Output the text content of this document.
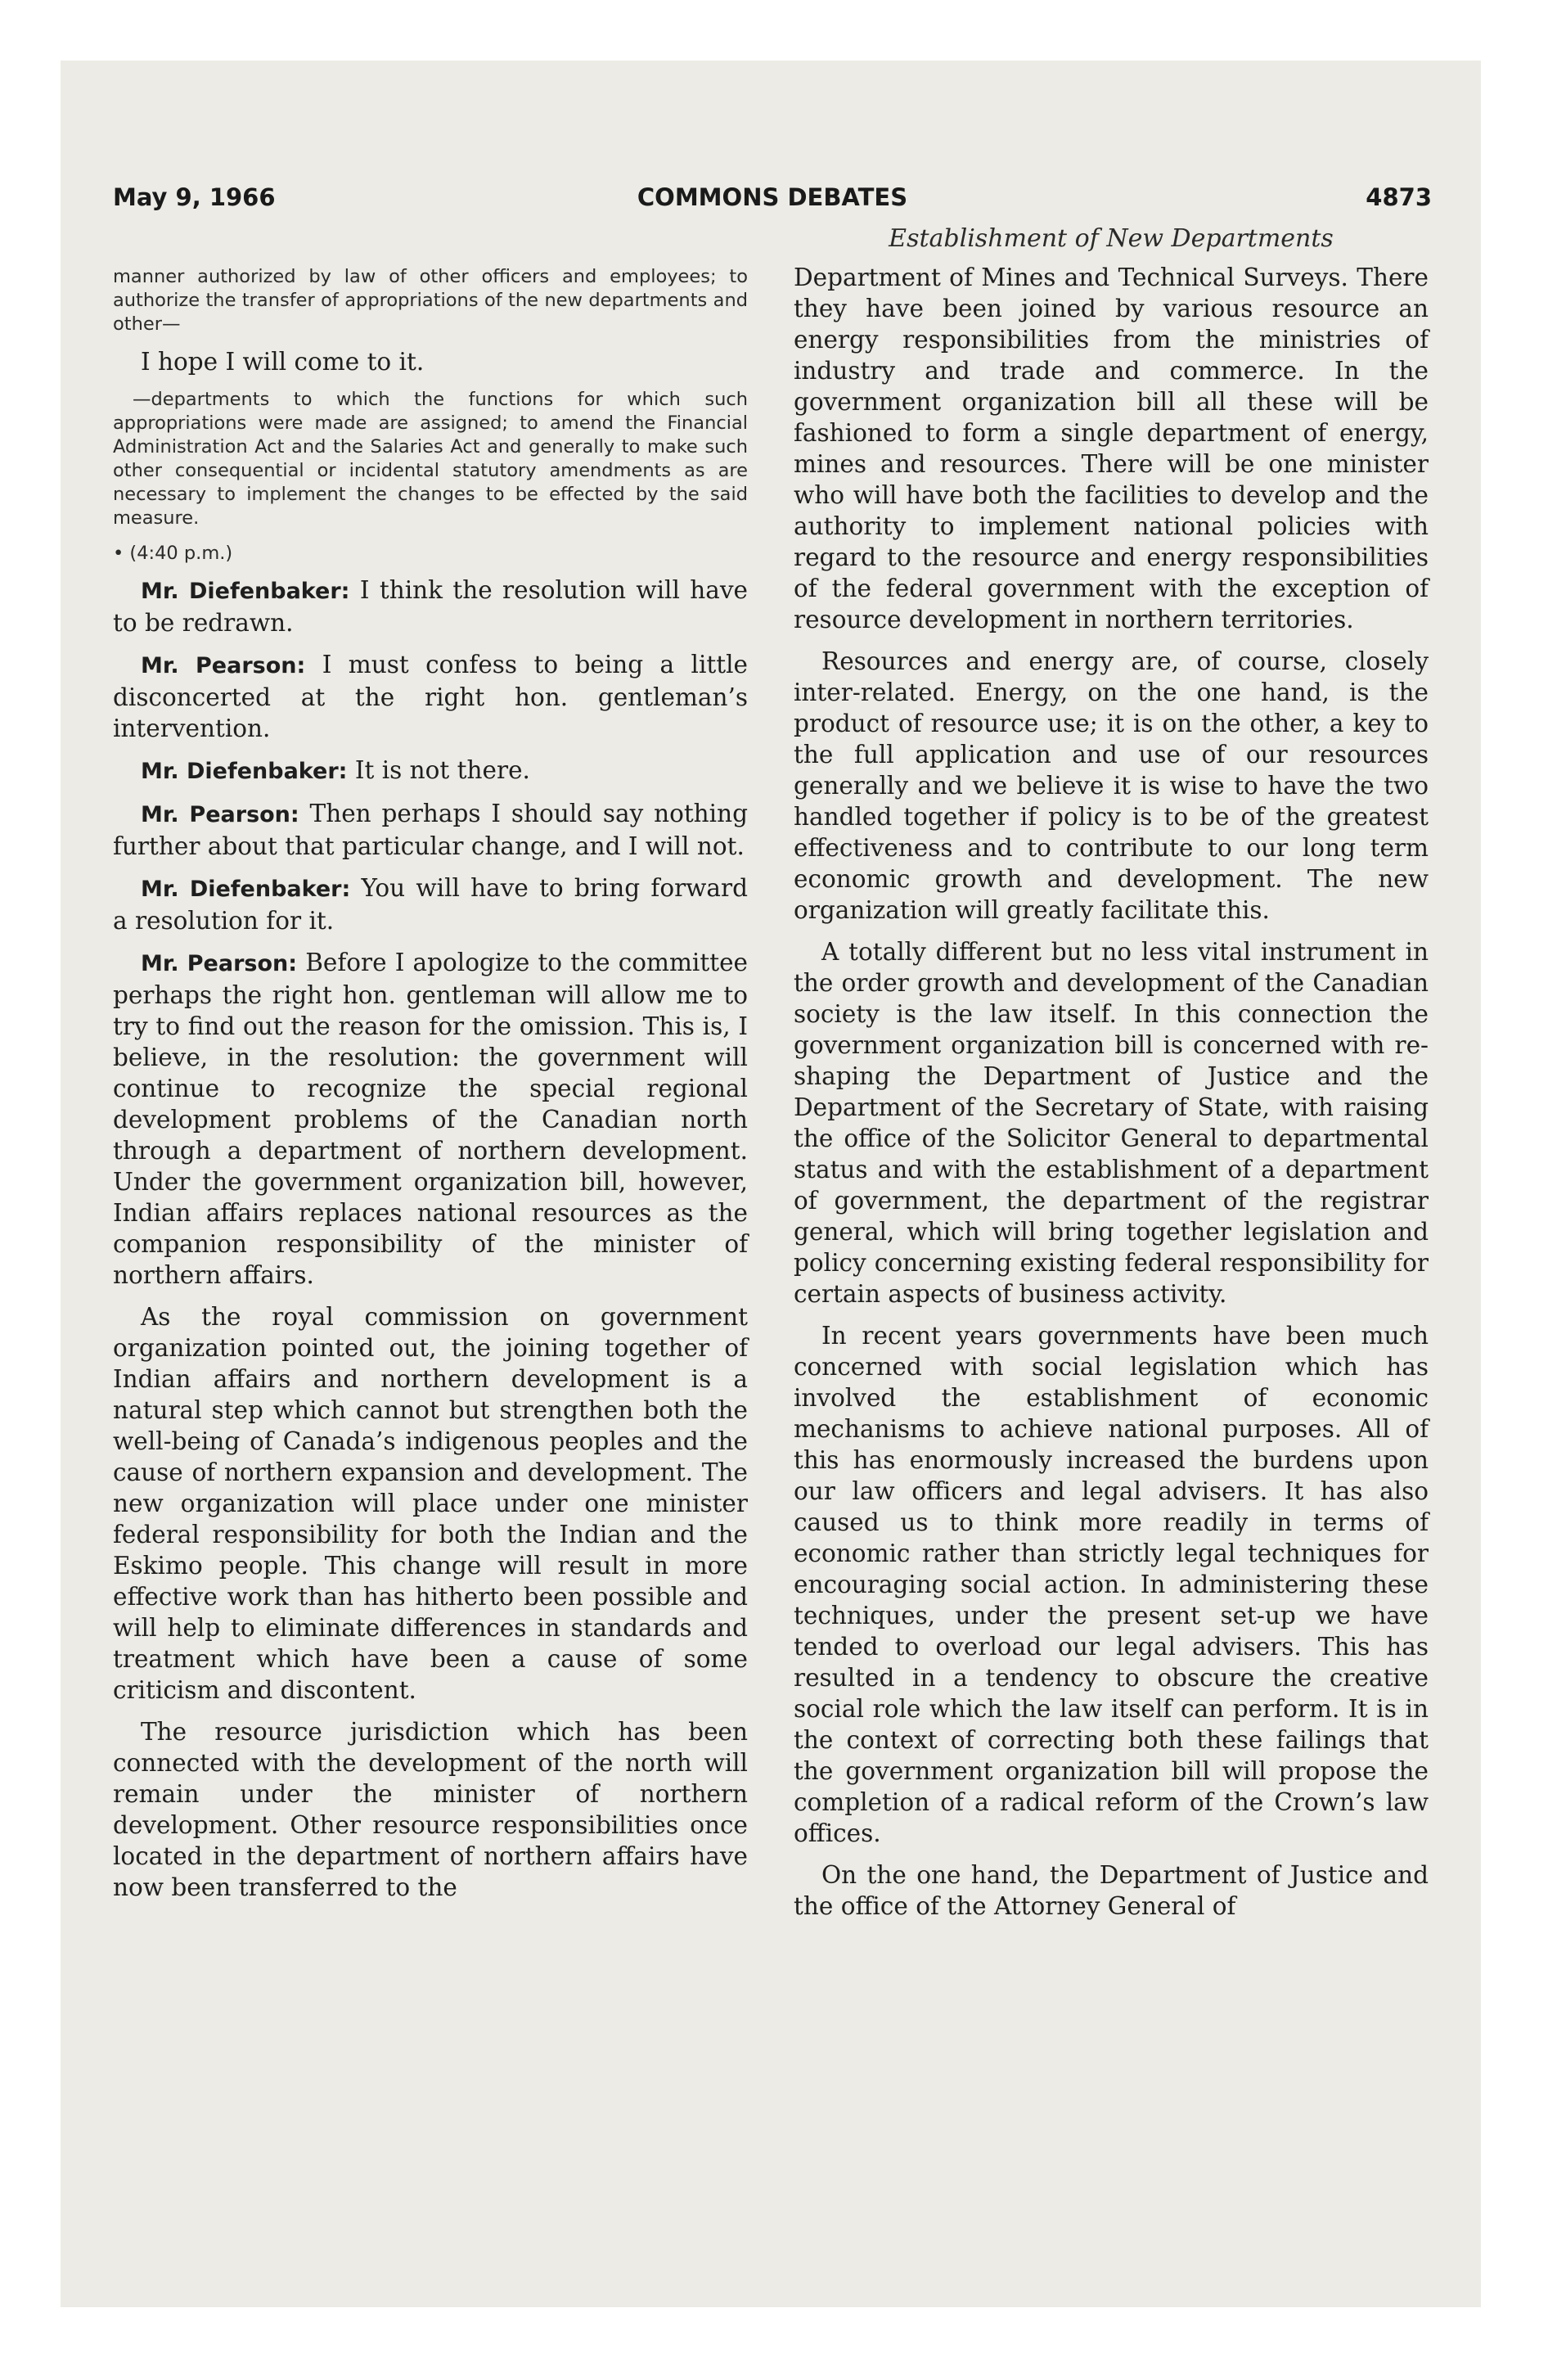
May 9, 1966	COMMONS DEBATES	4873
Establishment of New Departments

manner authorized by law of other officers and employees; to authorize the transfer of appropriations of the new departments and other—

I hope I will come to it.

—departments to which the functions for which such appropriations were made are assigned; to amend the Financial Administration Act and the Salaries Act and generally to make such other consequential or incidental statutory amendments as are necessary to implement the changes to be effected by the said measure.

• (4:40 p.m.)

Mr. Diefenbaker: I think the resolution will have to be redrawn.

Mr. Pearson: I must confess to being a little disconcerted at the right hon. gentleman’s intervention.

Mr. Diefenbaker: It is not there.

Mr. Pearson: Then perhaps I should say nothing further about that particular change, and I will not.

Mr. Diefenbaker: You will have to bring forward a resolution for it.

Mr. Pearson: Before I apologize to the committee perhaps the right hon. gentleman will allow me to try to find out the reason for the omission. This is, I believe, in the resolution: the government will continue to recognize the special regional development problems of the Canadian north through a department of northern development. Under the government organization bill, however, Indian affairs replaces national resources as the companion responsibility of the minister of northern affairs.

As the royal commission on government organization pointed out, the joining together of Indian affairs and northern development is a natural step which cannot but strengthen both the well-being of Canada’s indigenous peoples and the cause of northern expansion and development. The new organization will place under one minister federal responsibility for both the Indian and the Eskimo people. This change will result in more effective work than has hitherto been possible and will help to eliminate differences in standards and treatment which have been a cause of some criticism and discontent.

The resource jurisdiction which has been connected with the development of the north will remain under the minister of northern development. Other resource responsibilities once located in the department of northern affairs have now been transferred to the

Department of Mines and Technical Surveys. There they have been joined by various resource an energy responsibilities from the ministries of industry and trade and commerce. In the government organization bill all these will be fashioned to form a single department of energy, mines and resources. There will be one minister who will have both the facilities to develop and the authority to implement national policies with regard to the resource and energy responsibilities of the federal government with the exception of resource development in northern territories.

Resources and energy are, of course, closely inter-related. Energy, on the one hand, is the product of resource use; it is on the other, a key to the full application and use of our resources generally and we believe it is wise to have the two handled together if policy is to be of the greatest effectiveness and to contribute to our long term economic growth and development. The new organization will greatly facilitate this.

A totally different but no less vital instrument in the order growth and development of the Canadian society is the law itself. In this connection the government organization bill is concerned with re-shaping the Department of Justice and the Department of the Secretary of State, with raising the office of the Solicitor General to departmental status and with the establishment of a department of government, the department of the registrar general, which will bring together legislation and policy concerning existing federal responsibility for certain aspects of business activity.

In recent years governments have been much concerned with social legislation which has involved the establishment of economic mechanisms to achieve national purposes. All of this has enormously increased the burdens upon our law officers and legal advisers. It has also caused us to think more readily in terms of economic rather than strictly legal techniques for encouraging social action. In administering these techniques, under the present set-up we have tended to overload our legal advisers. This has resulted in a tendency to obscure the creative social role which the law itself can perform. It is in the context of correcting both these failings that the government organization bill will propose the completion of a radical reform of the Crown’s law offices.

On the one hand, the Department of Justice and the office of the Attorney General of
